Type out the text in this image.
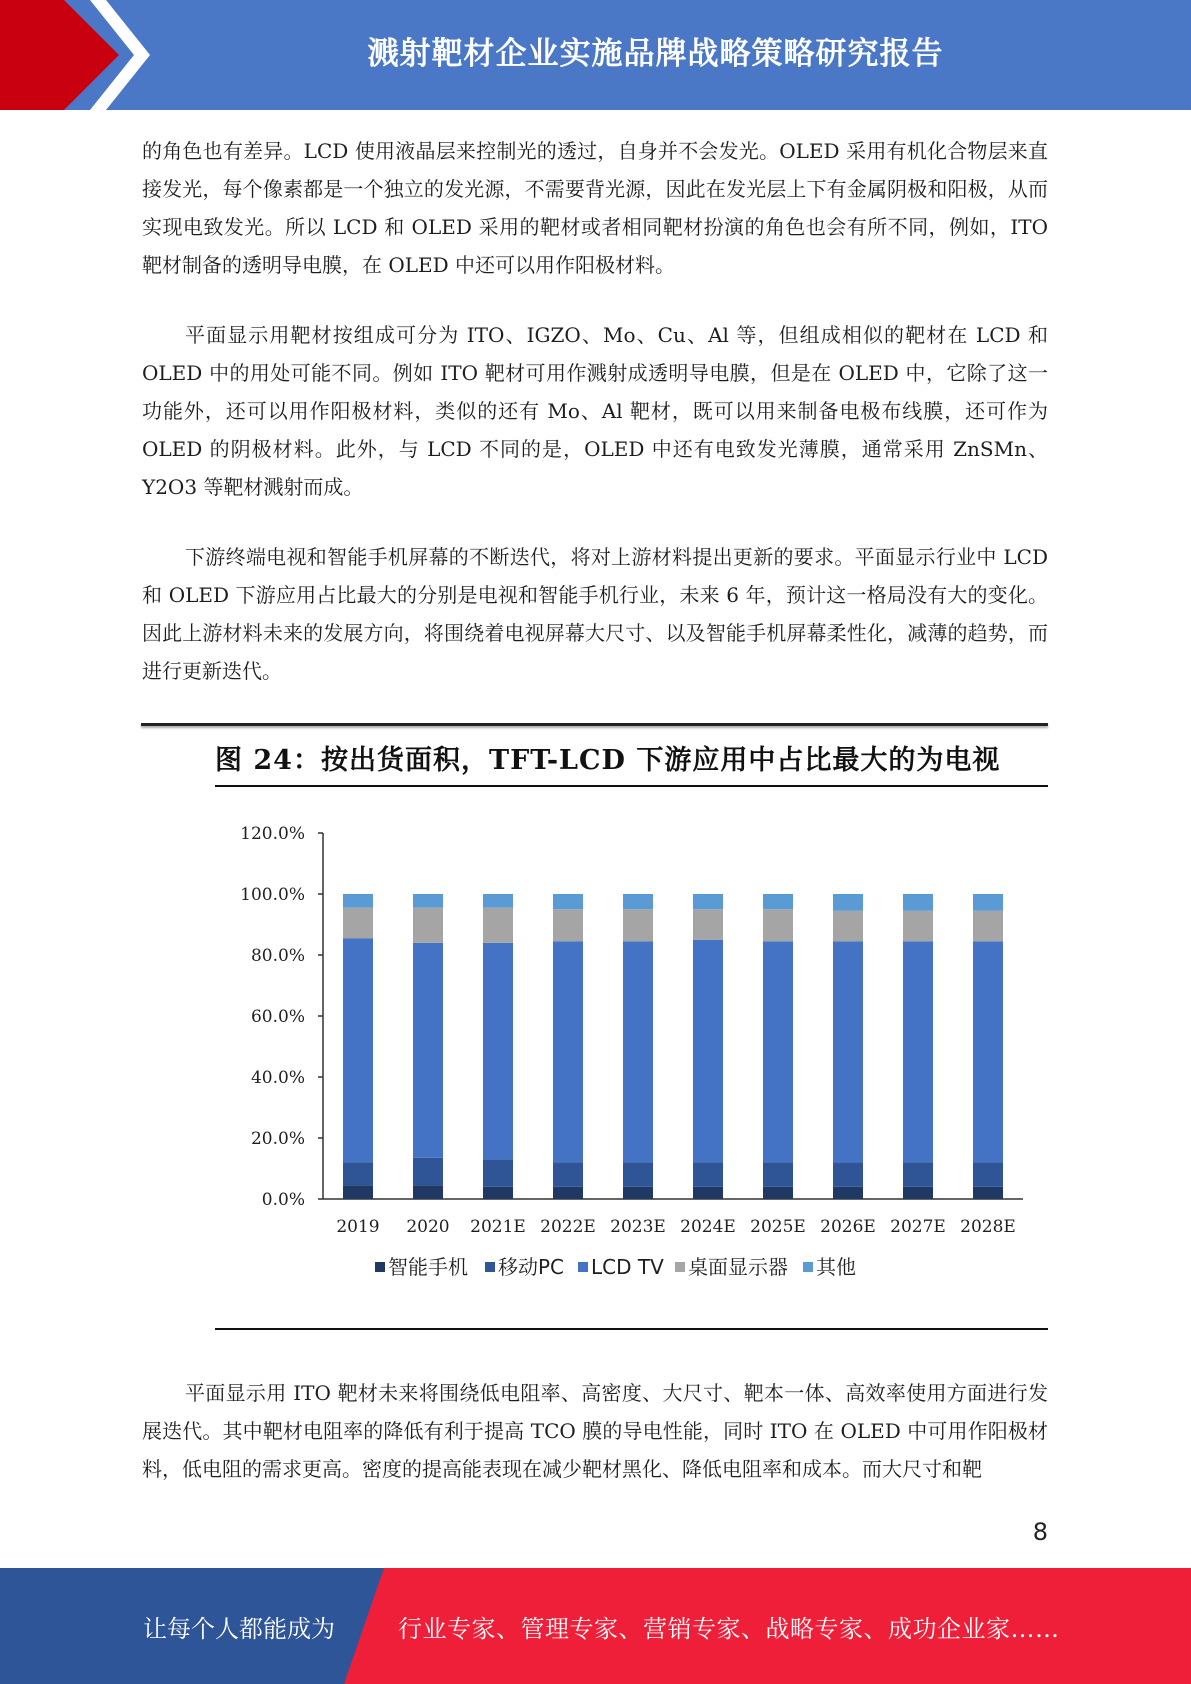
溅射靶材企业实施品牌战略策略研究报告

的角色也有差异。LCD 使用液晶层来控制光的透过，自身并不会发光。OLED 采用有机化合物层来直接发光，每个像素都是一个独立的发光源，不需要背光源，因此在发光层上下有金属阴极和阳极，从而实现电致发光。所以 LCD 和 OLED 采用的靶材或者相同靶材扮演的角色也会有所不同，例如，ITO 靶材制备的透明导电膜，在 OLED 中还可以用作阳极材料。

平面显示用靶材按组成可分为 ITO、IGZO、Mo、Cu、Al 等，但组成相似的靶材在 LCD 和 OLED 中的用处可能不同。例如 ITO 靶材可用作溅射成透明导电膜，但是在 OLED 中，它除了这一功能外，还可以用作阳极材料，类似的还有 Mo、Al 靶材，既可以用来制备电极布线膜，还可作为 OLED 的阴极材料。此外，与 LCD 不同的是，OLED 中还有电致发光薄膜，通常采用 ZnSMn、Y2O3 等靶材溅射而成。

下游终端电视和智能手机屏幕的不断迭代，将对上游材料提出更新的要求。平面显示行业中 LCD 和 OLED 下游应用占比最大的分别是电视和智能手机行业，未来 6 年，预计这一格局没有大的变化。因此上游材料未来的发展方向，将围绕着电视屏幕大尺寸、以及智能手机屏幕柔性化，减薄的趋势，而进行更新迭代。

图 24：按出货面积，TFT-LCD 下游应用中占比最大的为电视
0.0%
20.0%
40.0%
60.0%
80.0%
100.0%
120.0%
2019 2020 2021E 2022E 2023E 2024E 2025E 2026E 2027E 2028E
智能手机 移动PC LCD TV 桌面显示器 其他

平面显示用 ITO 靶材未来将围绕低电阻率、高密度、大尺寸、靶本一体、高效率使用方面进行发展迭代。其中靶材电阻率的降低有利于提高 TCO 膜的导电性能，同时 ITO 在 OLED 中可用作阳极材料，低电阻的需求更高。密度的提高能表现在减少靶材黑化、降低电阻率和成本。而大尺寸和靶

8
让每个人都能成为	行业专家、管理专家、营销专家、战略专家、成功企业家……
